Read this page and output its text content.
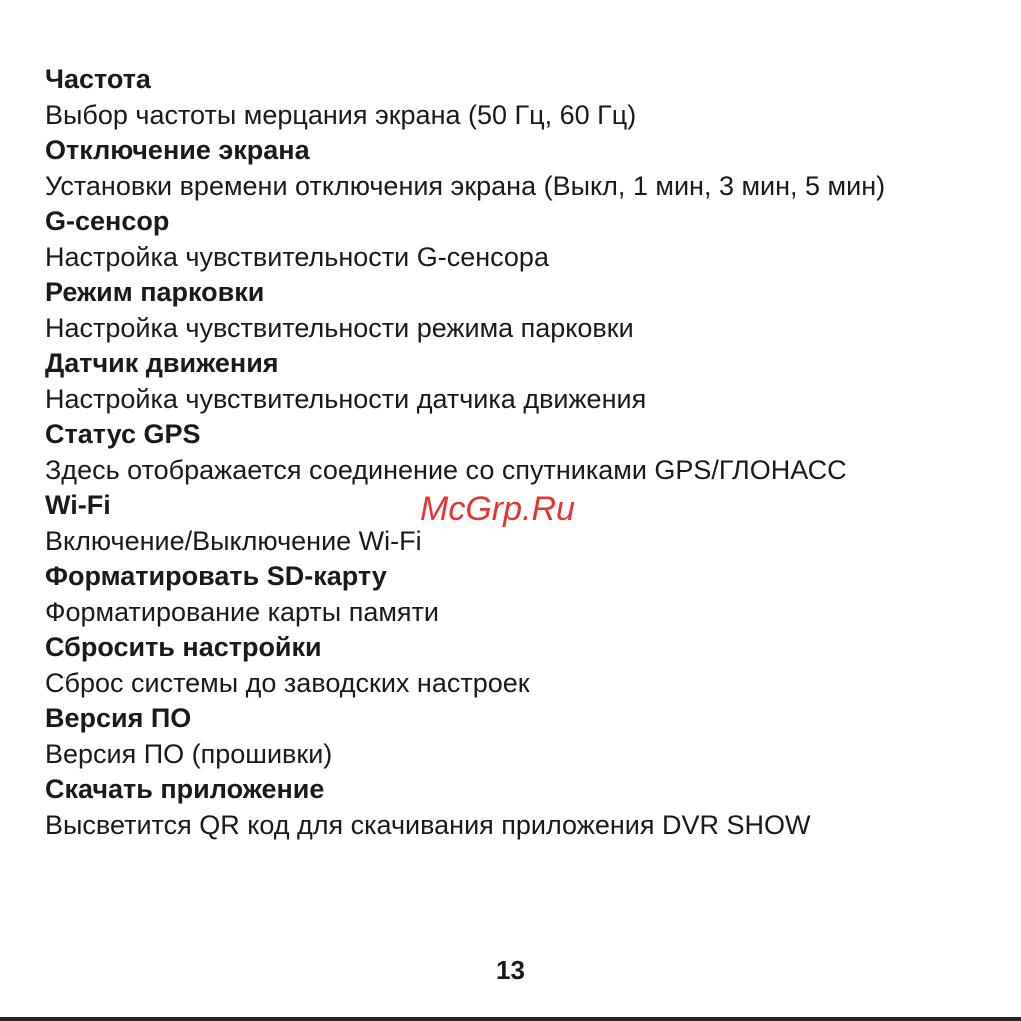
Частота
Выбор частоты мерцания экрана (50 Гц, 60 Гц)
Отключение экрана
Установки времени отключения экрана (Выкл, 1 мин, 3 мин, 5 мин)
G-сенсор
Настройка чувствительности G-сенсора
Режим парковки
Настройка чувствительности режима парковки
Датчик движения
Настройка чувствительности датчика движения
Статус GPS
Здесь отображается соединение со спутниками GPS/ГЛОНАСС
Wi-Fi
Включение/Выключение Wi-Fi
Форматировать SD-карту
Форматирование карты памяти
Сбросить настройки
Сброс системы до заводских настроек
Версия ПО
Версия ПО (прошивки)
Скачать приложение
Высветится QR код для скачивания приложения DVR SHOW
McGrp.Ru
13
